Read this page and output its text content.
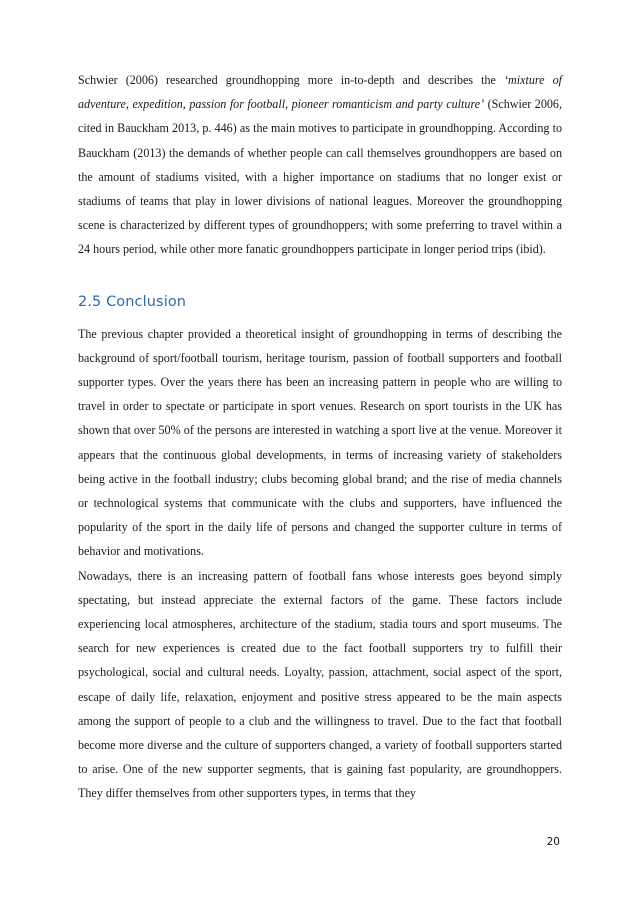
Schwier (2006) researched groundhopping more in-to-depth and describes the ‘mixture of adventure, expedition, passion for football, pioneer romanticism and party culture’ (Schwier 2006, cited in Bauckham 2013, p. 446) as the main motives to participate in groundhopping. According to Bauckham (2013) the demands of whether people can call themselves groundhoppers are based on the amount of stadiums visited, with a higher importance on stadiums that no longer exist or stadiums of teams that play in lower divisions of national leagues. Moreover the groundhopping scene is characterized by different types of groundhoppers; with some preferring to travel within a 24 hours period, while other more fanatic groundhoppers participate in longer period trips (ibid).

2.5 Conclusion

The previous chapter provided a theoretical insight of groundhopping in terms of describing the background of sport/football tourism, heritage tourism, passion of football supporters and football supporter types. Over the years there has been an increasing pattern in people who are willing to travel in order to spectate or participate in sport venues. Research on sport tourists in the UK has shown that over 50% of the persons are interested in watching a sport live at the venue. Moreover it appears that the continuous global developments, in terms of increasing variety of stakeholders being active in the football industry; clubs becoming global brand; and the rise of media channels or technological systems that communicate with the clubs and supporters, have influenced the popularity of the sport in the daily life of persons and changed the supporter culture in terms of behavior and motivations.

Nowadays, there is an increasing pattern of football fans whose interests goes beyond simply spectating, but instead appreciate the external factors of the game. These factors include experiencing local atmospheres, architecture of the stadium, stadia tours and sport museums. The search for new experiences is created due to the fact football supporters try to fulfill their psychological, social and cultural needs. Loyalty, passion, attachment, social aspect of the sport, escape of daily life, relaxation, enjoyment and positive stress appeared to be the main aspects among the support of people to a club and the willingness to travel. Due to the fact that football become more diverse and the culture of supporters changed, a variety of football supporters started to arise. One of the new supporter segments, that is gaining fast popularity, are groundhoppers. They differ themselves from other supporters types, in terms that they

20
